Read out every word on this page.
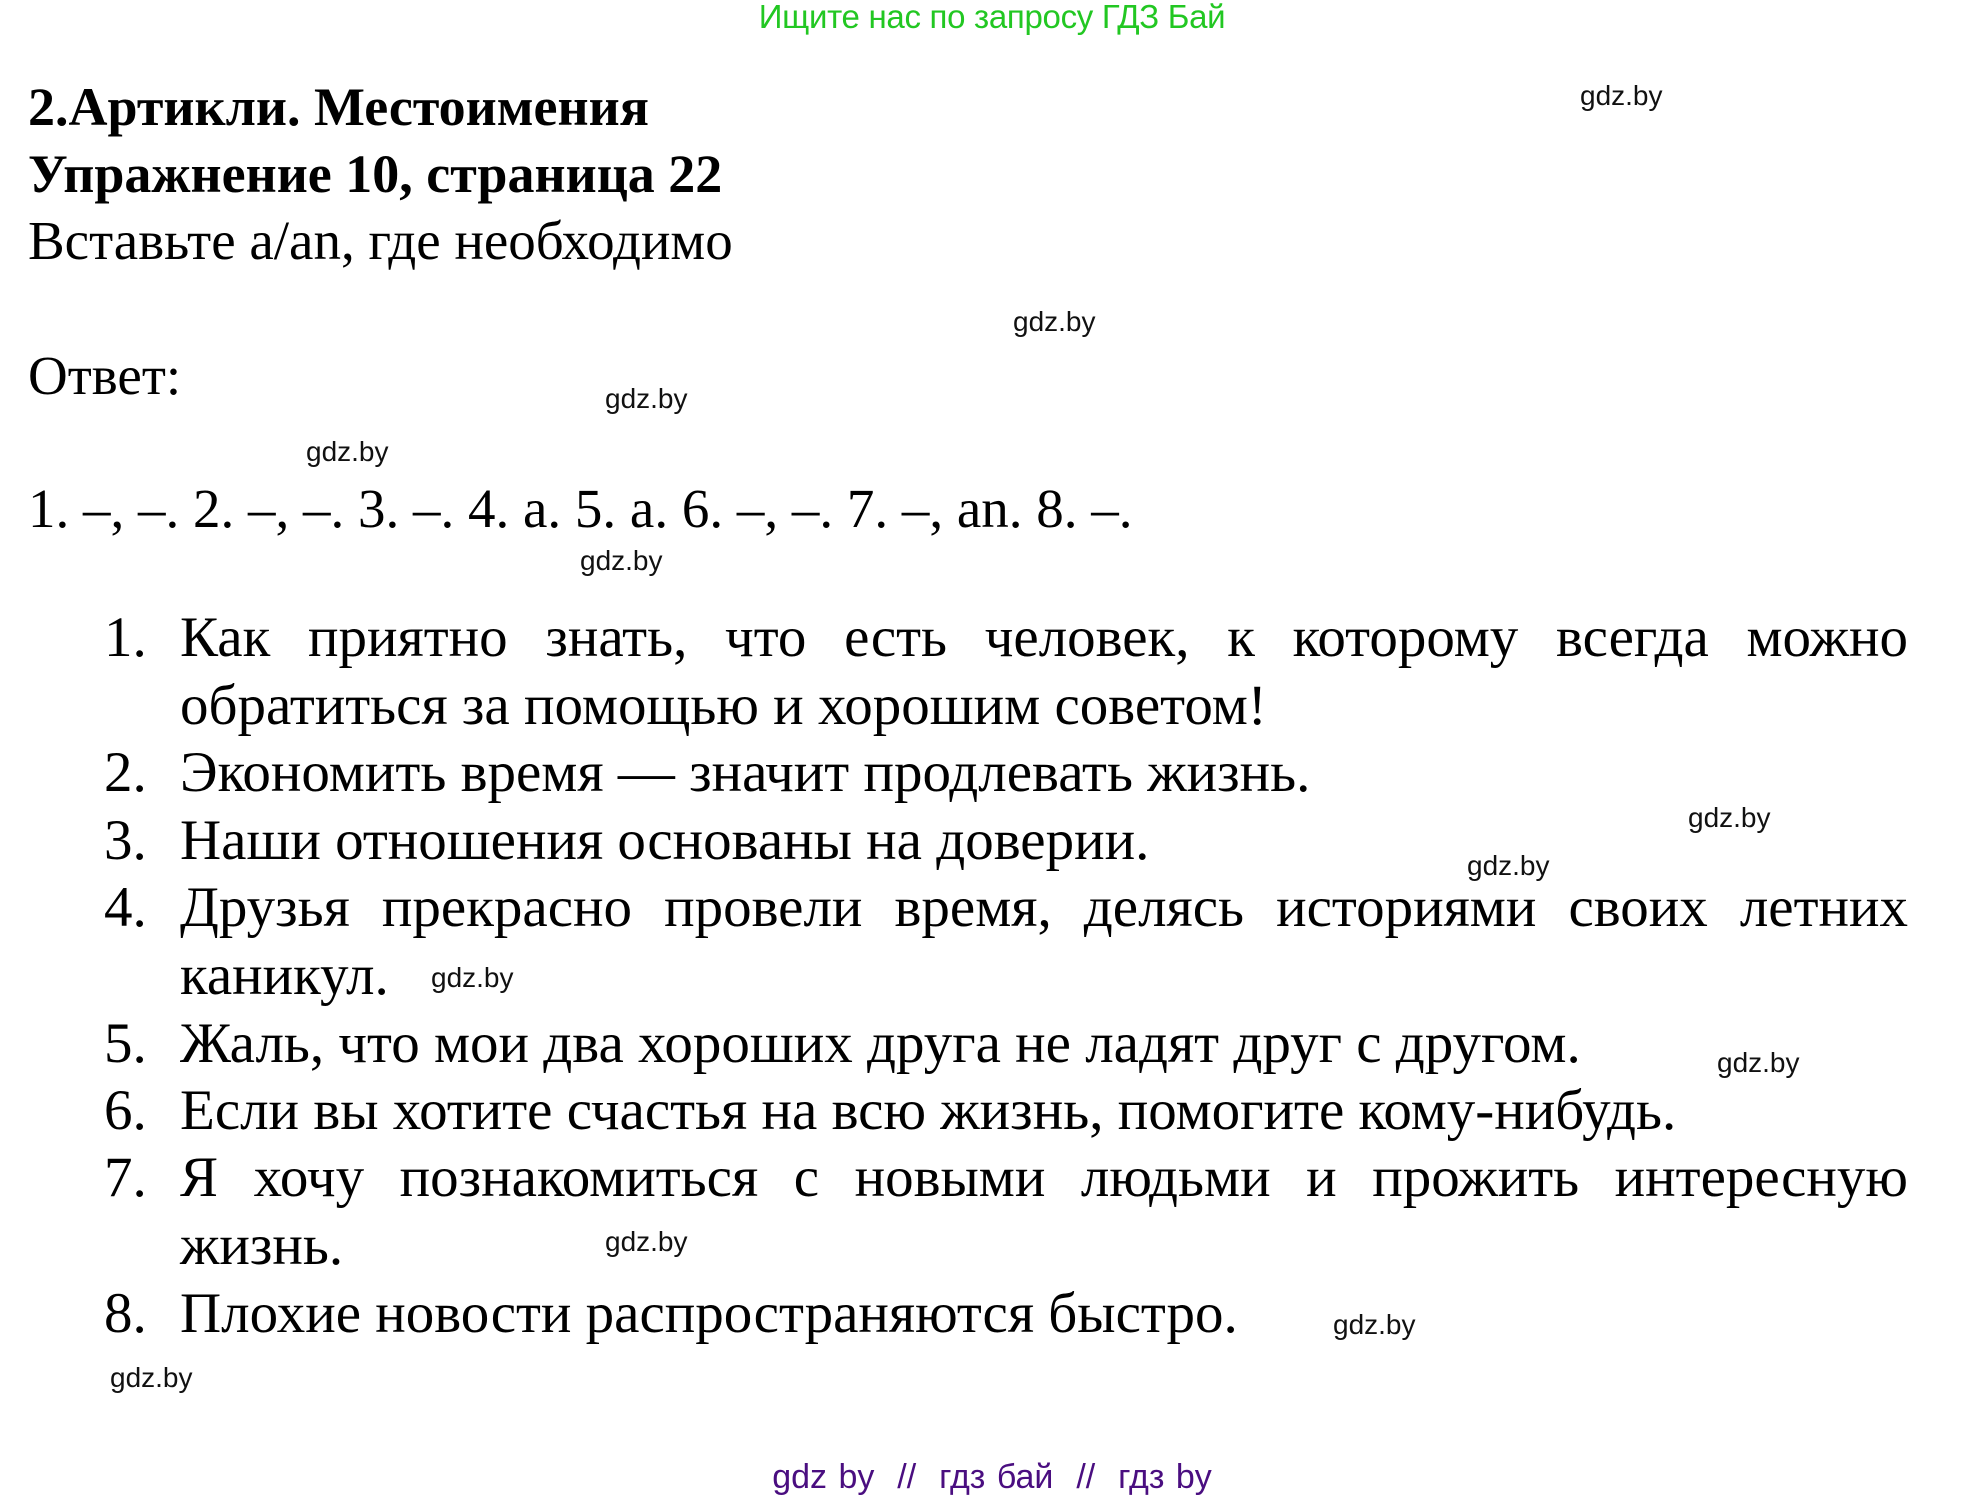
Ищите нас по запросу ГДЗ Бай
2.Артикли. Местоимения
Упражнение 10, страница 22
Вставьте a/an, где необходимо
Ответ:
1. –, –. 2. –, –. 3. –. 4. a. 5. a. 6. –, –. 7. –, an. 8. –.
1. Как приятно знать, что есть человек, к которому всегда можно
обратиться за помощью и хорошим советом!
2. Экономить время — значит продлевать жизнь.
3. Наши отношения основаны на доверии.
4. Друзья прекрасно провели время, делясь историями своих летних
каникул.
5. Жаль, что мои два хороших друга не ладят друг с другом.
6. Если вы хотите счастья на всю жизнь, помогите кому-нибудь.
7. Я хочу познакомиться с новыми людьми и прожить интересную
жизнь.
8. Плохие новости распространяются быстро.
gdz.by
gdz.by
gdz.by
gdz.by
gdz.by
gdz.by
gdz.by
gdz.by
gdz.by
gdz.by
gdz.by
gdz.by
gdz by  //  гдз бай  //  гдз by
